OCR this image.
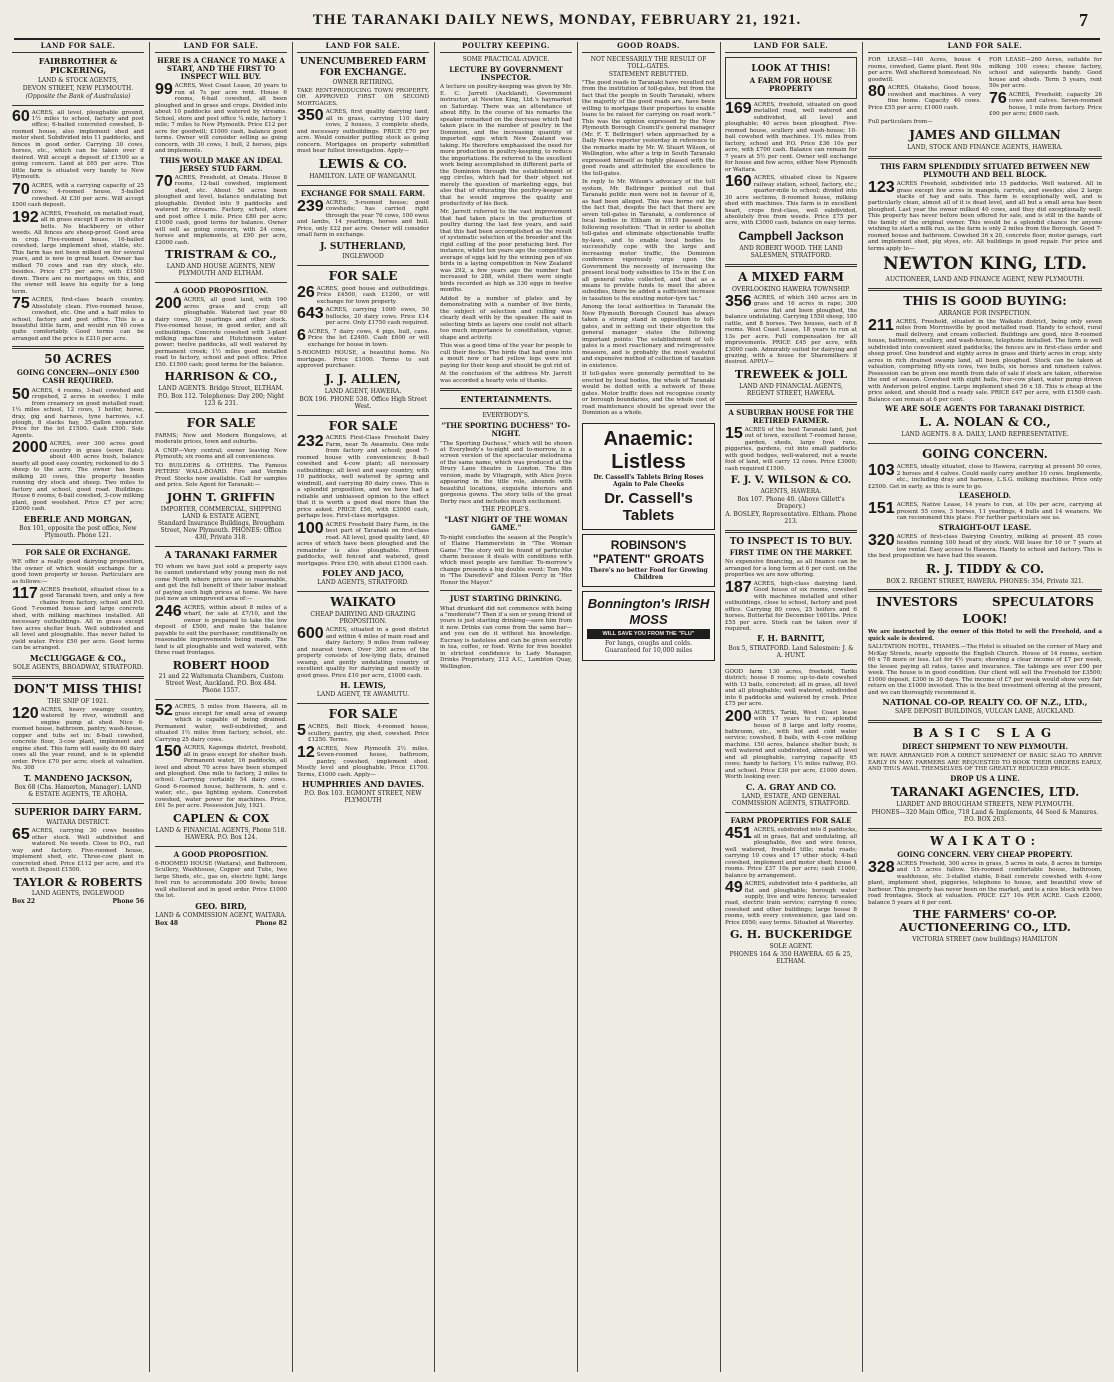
THE TARANAKI DAILY NEWS, MONDAY, FEBRUARY 21, 1921.	7
LAND FOR SALE.
FAIRBROTHER & PICKERING,
LAND & STOCK AGENTS,
DEVON STREET, NEW PLYMOUTH.
(Opposite the Bank of Australasia)

60 ACRES, all level, ploughable ground, 1½ miles to school, factory and post office; 6-bailed concreted cowshed, 8-roomed house, also implement shed and motor shed. Subdivided into 11 paddocks, and fences in good order. Carrying 30 cows, horses, etc., which can be taken over if desired. Will accept a deposit of £1500 as a going concern. Land at £65 per acre. This little farm is situated very handy to New Plymouth.

70 ACRES, with a carrying capacity of 25 cows; 4-roomed house, 5-bailed cowshed. At £30 per acre. Will accept £500 cash deposit.

192 ACRES, Freehold, on metalled road, all in grass except 8 acres in shelter belts. No blackberry or other weeds. All fences are sheep-proof. Good area in crop. Five-roomed house, 16-bailed cowshed, large implement shed, stable, etc. This farm has not been milked on for several years, and is now in great heart. Owner has milked 70 cows and ran dry stock, etc. besides. Price £75 per acre, with £1500 down. There are no mortgages on this, and the owner will leave his equity for a long term.

75 ACRES, first-class beach country. Absolutely clean. Five-roomed house, cowshed, etc. One and a half miles to school, factory and post office. This is a beautiful little farm, and would run 40 cows quite comfortably. Good terms can be arranged and the price is £210 per acre.

50 ACRES
GOING CONCERN—ONLY £500 CASH REQUIRED.

50 ACRES, 4 rooms, 3-bail cowshed and cropshed, 2 acres in swedes; 1 mile from creamery on good metalled road; 1¼ miles school, 12 cows, 1 heifer, horse, dray, gig and harness, tyne harrows, s.f. plough, 8 stacks hay, 35-gallon separator. Price for the lot £1500. Cash £500. Sole Agents.

2000 ACRES, over 300 acres good country in grass (sown flats); about 400 acres bush, balance nearly all good easy country, reckoned to do 3 sheep to the acre. The owner has been milking 20 cows, this property besides running dry stock and sheep. Two miles to factory and school, good road. Buildings: House 6 rooms, 6-bail cowshed, 3-cow milking plant, good woolshed. Price £7 per acre; £2000 cash.

EBERLE AND MORGAN,
Box 101, opposite the post office, New Plymouth. Phone 121.
FOR SALE OR EXCHANGE.

WE offer a really good dairying proposition, the owner of which would exchange for a good town property or house. Particulars are as follows:—

117 ACRES freehold, situated close to a good Taranaki town, and only a few chains from factory, school and P.O. Good 7-roomed house and large concrete shed, with milking machines installed. All necessary outbuildings. All in grass except two acres shelter bush. Well subdivided and all level and ploughable. Has never failed to yield water. Price £50 per acre. Good terms can be arranged.

McCLUGGAGE & CO.,
SOLE AGENTS, BROADWAY, STRATFORD.
DON'T MISS THIS!
THE SNIP OF 1921.

120 ACRES, heavy swampy country, watered by river, windmill and engine pump at shed. Nice 6-roomed house, bathroom, pantry, wash-house, copper and tubs set in; 8-bail cowshed, concrete floor, 3-cow plant, implement and engine shed. This farm will easily do 60 dairy cows all the year round, and is in splendid order. Price £70 per acre; stock at valuation. No. 308

T. MANDENO JACKSON,
Box 68 (Chs. Hamerton, Manager). LAND & ESTATE AGENTS, TE AROHA.
SUPERIOR DAIRY FARM.
WAITARA DISTRICT.

65 ACRES, carrying 30 cows besides other stock. Well subdivided and watered. No weeds. Close to P.O., rail way and factory. Five-roomed house, implement shed, etc. Three-cow plant in concreted shed. Price £112 per acre, and it's worth it. Deposit £1500.

TAYLOR & ROBERTS
LAND AGENTS, INGLEWOOD
Box 22	Phone 56
LAND FOR SALE.
HERE IS A CHANCE TO MAKE A START, AND THE FIRST TO INSPECT WILL BUY.

99 ACRES, West Coast Lease, 20 years to run at 7s per acre rent. House 6 rooms, 6-bail cowshed, all been ploughed and in grass and crops. Divided into about 10 paddocks and watered by streams. School, store and post office ¼ mile, factory 1 mile; 7 miles to New Plymouth. Price £12 per acre for goodwill; £1000 cash, balance good terms. Owner will consider selling as going concern, with 30 cows, 1 bull, 2 horses, pigs and implements.

THIS WOULD MAKE AN IDEAL JERSEY STUD FARM.

70 ACRES, Freehold, at Omata. House 8 rooms, 12-bail cowshed, implement shed, etc. About 50 acres been ploughed and level, balance undulating but ploughable. Divided into 9 paddocks and watered by streams. Factory, school, store and post office 1 mile. Price £80 per acre; £1000 cash, good terms for balance. Owner will sell as going concern, with 24 cows, horses and implements, at £90 per acre, £2000 cash.

TRISTRAM & CO.,
LAND AND HOUSE AGENTS, NEW PLYMOUTH AND ELTHAM.
A GOOD PROPOSITION.

200 ACRES, all good land, with 190 acres grass and crop; all ploughable. Watered last year 60 dairy cows, 30 yearlings and other stock. Five-roomed house, in good order, and all outbuildings. Concrete cowshed with 3-plant milking machine and Hutchinson water-power; twelve paddocks, all well watered by permanent creek; 1½ miles good metalled road to factory, school and post office. Price £50. £1500 cash; good terms for the balance.

HARRISON & CO.,
LAND AGENTS. Bridge Street, ELTHAM.
P.O. Box 112. Telephones: Day 200; Night 123 & 231.
FOR SALE

FARMS; New and Modern Bungalows, at moderate prices, town and suburbs.

A CNIP—Very central; owner leaving New Plymouth; six rooms and all conveniences.

TO BUILDERS & OTHERS. The Famous PETERS' WALL-BOARD. Fire and Vermin Proof. Stocks now available. Call for samples and price. Sole Agent for Taranaki:—

JOHN T. GRIFFIN
IMPORTER, COMMERCIAL, SHIPPING LAND & ESTATE AGENT,
Standard Insurance Buildings, Brougham Street, New Plymouth. PHONES: Office 430, Private 318.
A TARANAKI FARMER

TO whom we have just sold a property says he cannot understand why young men do not come North where prices are so reasonable, and get the full benefit of their labor instead of paying such high prices at home. We have just now an unimproved area of:—

246 ACRES, within about 8 miles of a wharf, for sale at £7/10, and the owner is prepared to take the low deposit of £500, and make the balance payable to suit the purchaser, conditionally on reasonable improvements being made. The land is all ploughable and well watered, with three road frontages.

ROBERT HOOD
21 and 22 Waitemata Chambers, Custom Street West, Auckland. P.O. Box 484. Phone 1557.

52 ACRES, 5 miles from Hawera, all in grass except for small area of swamp which is capable of being drained. Permanent water, well-subdivided, and situated 1½ miles from factory, school, etc. Carrying 25 dairy cows.

150 ACRES, Kaponga district, freehold, all in grass except for shelter bush. Permanent water, 16 paddocks, all level and about 70 acres have been stumped and ploughed. One mile to factory, 2 miles to school. Carrying certainly 54 dairy cows. Good 6-roomed house, bathroom, h. and c. water, etc., gas lighting system. Concreted cowshed, water power for machines. Price, £61 5s per acre. Possession July, 1921.

CAPLEN & COX
LAND & FINANCIAL AGENTS, Phone 518. HAWERA. P.O. Box 124.
A GOOD PROPOSITION.

6-ROOMED HOUSE (Waitara), and Bathroom, Scullery, Washhouse, Copper and Tubs, two large Sheds, etc., gas on, electric light; large fowl run to accommodate 200 fowls; house well sheltered and in good order. Price £1000 the lot.

GEO. BIRD,
LAND & COMMISSION AGENT, WAITARA.
Box 48	Phone 82
LAND FOR SALE.
UNENCUMBERED FARM FOR EXCHANGE.
OWNER RETIRING.

TAKE RENT-PRODUCING TOWN PROPERTY, OR APPROVED FIRST OR SECOND MORTGAGES.

350 ACRES, first quality dairying land, all in grass, carrying 110 dairy cows, 2 houses, 3 complete sheds, and necessary outbuildings. PRICE £70 per acre. Would consider putting stock as going concern. Mortgages on property submitted must bear fullest investigation. Apply—

LEWIS & CO.
HAMILTON. LATE OF WANGANUI.
EXCHANGE FOR SMALL FARM.

239 ACRES; 5-roomed house; good cowsheds; has carried right through the year 76 cows, 100 ewes and lambs, 14 yearlings, horses and bull. Price, only £22 per acre. Owner will consider small farm in exchange.

J. SUTHERLAND,
INGLEWOOD
FOR SALE

26 ACRES, good house and outbuildings. Price £4500, cash £1200, or will exchange for town property.

643 ACRES, carrying 1000 ewes, 50 bullocks, 20 dairy cows. Price £14 per acre. Only £1750 cash required.

6 ACRES, 7 dairy cows, 4 pigs, bull, cans. Price the lot £2400. Cash £600 or will exchange for house in town.

5-ROOMED HOUSE, a beautiful home. No mortgage. Price £1000. Terms to suit approved purchaser.

J. J. ALLEN,
LAND AGENT, HAWERA.
BOX 196. PHONE 538. Office High Street West.
FOR SALE

232 ACRES First-Class Freehold Dairy Farm, near Te Awamutu. One mile from factory and school; good 7-roomed house with conveniences; 8-bail cowshed and 4-cow plant; all necessary outbuildings; all level and easy country, with 10 paddocks, well watered by spring and windmill, and carrying 80 dairy cows. This is a splendid proposition, and we have had a reliable and unbiassed opinion to the effect that it is worth a good deal more than the price asked. PRICE £56, with £3000 cash, perhaps less. First-class mortgages.

100 ACRES Freehold Dairy Farm, in the best part of Taranaki on first-class road. All level, good quality land, 40 acres of which have been ploughed and the remainder is also ploughable. Fifteen paddocks, well fenced and watered, good mortgages. Price £50, with about £1500 cash.

FOLEY AND JACO,
LAND AGENTS, STRATFORD.
WAIKATO
CHEAP DAIRYING AND GRAZING PROPOSITION.

600 ACRES, situated in a good district and within 4 miles of main road and dairy factory; 9 miles from railway and nearest town. Over 300 acres of the property consists of low-lying flats, drained swamp, and gently undulating country of excellent quality for dairying and mostly in good grass. Price £10 per acre, £1000 cash.

H. LEWIS,
LAND AGENT, TE AWAMUTU.
FOR SALE

5 ACRES, Bell Block, 4-roomed house, scullery, pantry, gig shed, cowshed. Price £1250. Terms.

12 ACRES, New Plymouth 2½ miles. Seven-roomed house, bathroom, pantry, cowshed, implement shed. Mostly level and ploughable. Price £1700. Terms, £1000 cash. Apply—

HUMPHRIES AND DAVIES.
P.O. Box 103. EGMONT STREET, NEW PLYMOUTH
POULTRY KEEPING.
SOME PRACTICAL ADVICE.
LECTURE BY GOVERNMENT INSPECTOR.

A lecture on poultry-keeping was given by Mr. E. C. Jarrett (Auckland), Government instructor, at Newton King, Ltd.'s haymarket on Saturday. There was an attendance of about fifty. In the course of his remarks the speaker remarked on the decrease which had taken place in the number of poultry in the Dominion, and the increasing quantity of imported eggs which New Zealand was taking. He therefore emphasised the need for more production in poultry-keeping, to reduce the importations. He referred to the excellent work being accomplished in different parts of the Dominion through the establishment of egg circles, which had for their object not merely the question of marketing eggs, but also that of educating the poultry-keeper so that he would improve the quality and productivity of his flock.

Mr. Jarrett referred to the vast improvement that had taken place in the production of poultry during the last few years, and said that this had been accomplished as the result of systematic selection of the breeder and the rigid culling of the poor producing bird. For instance, whilst ten years ago the competition average of eggs laid by the winning pen of six birds in a laying competition in New Zealand was 292, a few years ago the number had increased to 288, whilst there were single birds recorded as high as 330 eggs in twelve months.

Added by a number of plates and by demonstrating with a number of live birds, the subject of selection and culling was clearly dealt with by the speaker. He said in selecting birds as layers one could not attach too much importance to constitution, vigour, shape and activity.

This was a good time of the year for people to cull their flocks. The birds that had gone into a moult now or had yellow legs were not paying for their keep and should be got rid of.

At the conclusion of the address Mr. Jarrett was accorded a hearty vote of thanks.

ENTERTAINMENTS.
EVERYBODY'S.
"THE SPORTING DUCHESS" TO-NIGHT.

"The Sporting Duchess," which will be shown at Everybody's to-night and to-morrow, is a screen version of the spectacular melodrama of the same name, which was produced at the Drury Lane theatre in London. The film version, made by Vitagraph, with Alice Joyce appearing in the title role, abounds with beautiful locations, exquisite interiors and gorgeous gowns. The story tells of the great Derby race and includes much excitement.

THE PEOPLE'S.
"LAST NIGHT OF THE WOMAN GAME."

To-night concludes the season at the People's of Elaine Hammerstein in "The Woman Game." The story will be found of particular charm because it deals with conditions with which most people are familiar. To-morrow's change presents a big double event: Tom Mix in "The Daredevil" and Eileen Percy in "Her Honor the Mayor."

JUST STARTING DRINKING.

What drunkard did not commence with being a "moderate"? Then if a son or young friend of yours is just starting drinking—save him from it now. Drinks can come from the same bar—and you can do it without his knowledge. Eucrasy is tasteless and can be given secretly in tea, coffee, or food. Write for free booklet in strictest confidence to Lady Manager, Drinks Proprietary, 212 A.C., Lambton Quay, Wellington.

GOOD ROADS.
NOT NECESSARILY THE RESULT OF TOLL-GATES.
STATEMENT REBUTTED.

"The good roads in Taranaki have resulted not from the institution of toll-gates, but from the fact that the people in South Taranaki, where the majority of the good roads are, have been willing to mortgage their properties to enable loans to be raised for carrying on road work." This was the opinion expressed by the New Plymouth Borough Council's general manager (Mr. F. T. Bellringer) when approached by a Daily News reporter yesterday in reference to the remarks made by Mr. W. Stuart Wilson, of Wellington, who after a trip in South Taranaki expressed himself as highly pleased with the good roads and attributed the excellence to the toll-gates.

In reply to Mr. Wilson's advocacy of the toll system, Mr. Bellringer pointed out that Taranaki public men were not in favour of it, as had been alleged. This was borne out by the fact that, despite the fact that there are seven toll-gates in Taranaki, a conference of local bodies in Eltham in 1919 passed the following resolution: "That in order to abolish toll-gates and eliminate objectionable traffic by-laws, and to enable local bodies to successfully cope with the large and increasing motor traffic, the Dominion conference vigorously urge upon the Government the necessity of increasing the present local body subsidies to 15s in the £ on all general rates collected, and that as a means to provide funds to meet the above subsidies, there be added a sufficient increase in taxation to the existing motor-tyre tax."

Among the local authorities in Taranaki the New Plymouth Borough Council has always taken a strong stand in opposition to toll-gates, and in setting out their objection the general manager states the following important points: The establishment of toll-gates is a most reactionary and retrogressive measure, and is probably the most wasteful and expensive method of collection of taxation in existence.

If toll-gates were generally permitted to be erected by local bodies, the whole of Taranaki would be dotted with a network of these gates. Motor traffic does not recognise county or borough boundaries, and the whole cost of road maintenance should be spread over the Dominion as a whole.

Anaemic:
Listless
Dr. Cassell's Tablets Bring Roses Again to Pale Cheeks
Dr. Cassell's Tablets
ROBINSON'S "PATENT" GROATS
There's no better Food for Growing Children
Bonnington's IRISH MOSS
WILL SAVE YOU FROM THE "FLU"
For lungs, coughs and colds. Guaranteed for 10,000 miles
LAND FOR SALE.
LOOK AT THIS!
A FARM FOR HOUSE PROPERTY

169 ACRES, freehold, situated on good metalled road, well watered and subdivided, all level and ploughable; 40 acres been ploughed. Five-roomed house, scullery and wash-house; 10-bail cowshed with machines. 1½ miles from factory, school and P.O. Price £36 10s per acre, with £700 cash. Balance can remain for 7 years at 5½ per cent. Owner will exchange for house and few acres, either New Plymouth or Waitara.

160 ACRES, situated close to Ngaere railway station, school, factory, etc.; quarter-mile to school; divided into 30 acre sections, 8-roomed house, milking shed with machines. This farm is in excellent heart, crops first-class, well subdivided, absolutely free from weeds. Price £75 per acre, with £3000 cash, balance on easy terms.

Campbell Jackson
AND ROBERT WOOD. THE LAND SALESMEN, STRATFORD.
A MIXED FARM
OVERLOOKING HAWERA TOWNSHIP.

356 ACRES, of which 340 acres are in grass and 16 acres in rape; 300 acres flat and been ploughed, the balance undulating. Carrying 1550 sheep, 180 cattle, and 8 horses. Two houses, each of 8 rooms. West Coast Lease, 18 years to run at 13s per acre. Full compensation for all improvements. PRICE £45 per acre, with £3000 cash. Admirably suited for dairying and grazing, with a house for Sharemilkers if desired. APPLY—

TREWEEK & JOLL
LAND AND FINANCIAL AGENTS, REGENT STREET, HAWERA.
A SUBURBAN HOUSE FOR THE RETIRED FARMER.

15 ACRES of the best Taranaki land, just out of town, excellent 7-roomed house, garden, sheds, large fowl runs, piggeries, gardens, cut into small paddocks with good hedges, well-watered, not a waste foot of land, will carry 12 cows. Price £3000; cash required £1500.

F. J. V. WILSON & CO.
AGENTS, HAWERA.
Box 107. Phone 40. (Above Gillett's Drapery.)
A. BOSLEY, Representative. Eltham. Phone 213.
TO INSPECT IS TO BUY.
FIRST TIME ON THE MARKET.

No expensive financing, as all finance can be arranged for a long term at 6 per cent. on the properties we are now offering.

187 ACRES, high-class dairying land. Good house of six rooms, cowshed with machines installed and other outbuildings, close to school, factory and post office. Carrying 80 cows, 25 heifers and 6 horses. Butterfat for December 1601lbs. Price £55 per acre. Stock can be taken over if required.

F. H. BARNITT,
Box 5, STRATFORD. Land Salesmen: J. & A. HUNT.

GOOD farm 130 acres, freehold, Tariki district; house 8 rooms; up-to-date cowshed with 13 bails, concreted; all in grass, all level and all ploughable; well watered, subdivided into 6 paddocks and watered by creek. Price £75 per acre.

200 ACRES, Tariki, West Coast lease with 17 years to run; splendid house of 8 large and lofty rooms, bathroom, etc., with hot and cold water service; cowshed, 8 bails, with 4-cow milking machine. 150 acres, balance shelter bush; is well watered and subdivided, almost all level and all ploughable, carrying capacity 65 cows; handy to factory, 1½ miles railway, P.O. and school. Price £30 per acre, £1000 down. Worth looking over.

C. A. GRAY AND CO.
LAND, ESTATE, AND GENERAL COMMISSION AGENTS, STRATFORD.
FARM PROPERTIES FOR SALE

451 ACRES, subdivided into 8 paddocks, all in grass, flat and undulating, all ploughable, five and wire fences, well watered, freehold title; metal roads; carrying 10 cows and 17 other stock; 4-bail cowshed, implement and motor shed; house 4 rooms. Price £37 10s per acre; cash £1000, balance by arrangement.

49 ACRES, subdivided into 4 paddocks, all flat and ploughable; borough water supply, live and wire fences; tarsealed road, electric train service; carrying 6 cows; cowshed and other buildings; large house 8 rooms, with every convenience, gas laid on. Price £650; easy terms. Situated at Waverley.

G. H. BUCKERIDGE
SOLE AGENT.
PHONES 164 & 350 HAWERA. 65 & 25, ELTHAM.
LAND FOR SALE.

FOR LEASE—140 Acres, house 4 rooms, cowshed, Game plant. Rent 90s per acre. Well sheltered homestead. No goodwill.

80 ACRES, Otakeho, Good house, cowshed and machines. A very fine home. Capacity 40 cows. Price £55 per acre; £1000 cash.

FOR LEASE—260 Acres, suitable for milking 100 cows; cheese factory, school and saleyards handy. Good house and sheds. Term 5 years, rent 50s per acre.

76 ACRES, Freehold; capacity 26 cows and calves. Seven-roomed house, 1 mile from factory. Price £90 per acre; £600 cash.

Full particulars from—

JAMES AND GILLMAN
LAND, STOCK AND FINANCE AGENTS, HAWERA.
THIS FARM SPLENDIDLY SITUATED BETWEEN NEW PLYMOUTH AND BELL BLOCK.

123 ACRES Freehold, subdivided into 15 paddocks. Well watered. All in grass except few acres in mangels, carrots, and swedes; also 2 large stacks of hay and oats. This farm is exceptionally well, and is particularly clean, almost all of it is dead level, and all but a small area has been ploughed. Last year the owner milked 40 cows, and they did exceptionally well. This property has never before been offered for sale, and is still in the hands of the family of the original owner. This would be a splendid chance for anyone wishing to start a milk run, as the farm is only 2 miles from the Borough. Good 7-roomed house and bathroom. Cowshed 36 x 20, concrete floor, motor garage, cart and implement shed, pig styes, etc. All buildings in good repair. For price and terms apply to—

NEWTON KING, LTD.
AUCTIONEER, LAND AND FINANCE AGENT, NEW PLYMOUTH.
THIS IS GOOD BUYING:
ARRANGE FOR INSPECTION.

211 ACRES, Freehold, situated in the Waikato district, being only seven miles from Morrinsville by good metalled road. Handy to school, rural mail delivery, and cream collected. Buildings are good, nice 8-roomed house, bathroom, scullery, and wash-house, telephone installed. The farm is well subdivided into convenient sized paddocks; the fences are in first-class order and sheep proof. One hundred and eighty acres in grass and thirty acres in crop; sixty acres in rich drained swamp land, all been ploughed. Stock can be taken at valuation, comprising fifty-six cows, two bulls, six horses and nineteen calves. Possession can be given one month from date of sale if stock are taken, otherwise the end of season. Cowshed with eight bails, four-cow plant, water pump driven with Anderson petrol engine. Large implement shed 36 x 18. This is cheap at the price asked, and should find a ready sale. PRICE £47 per acre, with £1500 cash. Balance can remain at 6 per cent.

WE ARE SOLE AGENTS FOR TARANAKI DISTRICT.
L. A. NOLAN & CO.,
LAND AGENTS. 8 A. DAILY, LAND REPRESENTATIVE.
GOING CONCERN.

103 ACRES, ideally situated, close to Hawera, carrying at present 50 cows, 2 horses and 4 calves. Could easily carry another 10 cows. Implements, etc., including dray and harness, L.S.G. milking machines. Price only £2500. Get in early, as this is sure to go.

LEASEHOLD.

151 ACRES, Native Lease, 14 years to run, at 10s per acre, carrying at present 55 cows, 3 horses, 11 yearlings, 4 bulls and 14 weaners. We can recommend this place. For further particulars see us.

STRAIGHT-OUT LEASE.

320 ACRES of first-class Dairying Country, milking at present 85 cows besides running 100 head of dry stock. Will lease for 10 or 7 years at low rental. Easy access to Hawera. Handy to school and factory. This is the best proposition we have had this season.

R. J. TIDDY & CO.
BOX 2. REGENT STREET, HAWERA. PHONES: 354, Private 321.
INVESTORS SPECULATORS
LOOK!

We are instructed by the owner of this Hotel to sell the Freehold, and a quick sale is desired.

SALUTATION HOTEL, THAMES.—The Hotel is situated on the corner of Mary and McKay Streets, nearly opposite the English Church. House of 14 rooms, section 60 x 78 more or less. Let for 4½ years; showing a clear income of £7 per week, the lessee paying all rates, taxes and insurance. The takings are over £90 per week. The house is in good condition. Our client will sell the Freehold for £3500; £1000 deposit, £300 in 30 days. The income of £7 per week would show very fair return on the £1000 invested. This is the best investment offering at the present, and we can thoroughly recommend it.

NATIONAL CO-OP. REALTY CO. OF N.Z., LTD.,
SAFE DEPOSIT BUILDINGS, VULCAN LANE, AUCKLAND.
BASIC SLAG
DIRECT SHIPMENT TO NEW PLYMOUTH.

WE HAVE ARRANGED FOR A DIRECT SHIPMENT OF BASIC SLAG TO ARRIVE EARLY IN MAY. FARMERS ARE REQUESTED TO BOOK THEIR ORDERS EARLY, AND THUS AVAIL THEMSELVES OF THE GREATLY REDUCED PRICE.

DROP US A LINE.
TARANAKI AGENCIES, LTD.
LIARDET AND BROUGHAM STREETS, NEW PLYMOUTH.
PHONES—320 Main Office, 718 Land & Implements, 44 Seed & Manures. P.O. BOX 263.
WAIKATO:
GOING CONCERN. VERY CHEAP PROPERTY.

328 ACRES Freehold, 300 acres in grass, 5 acres in oats, 8 acres in turnips and 15 acres fallow. Six-roomed comfortable house, bathroom, washhouse, etc. 3-stalled stable, 8-bail concrete cowshed with 4-cow plant, implement shed, piggeries, telephone to house, and beautiful view of harbour. This property has never been on the market, and is a nice block with two road frontages. Stock at valuation. PRICE £27 10s PER ACRE. Cash £2000, balance 5 years at 6 per cent.

THE FARMERS' CO-OP. AUCTIONEERING CO., LTD.
VICTORIA STREET (new buildings) HAMILTON
